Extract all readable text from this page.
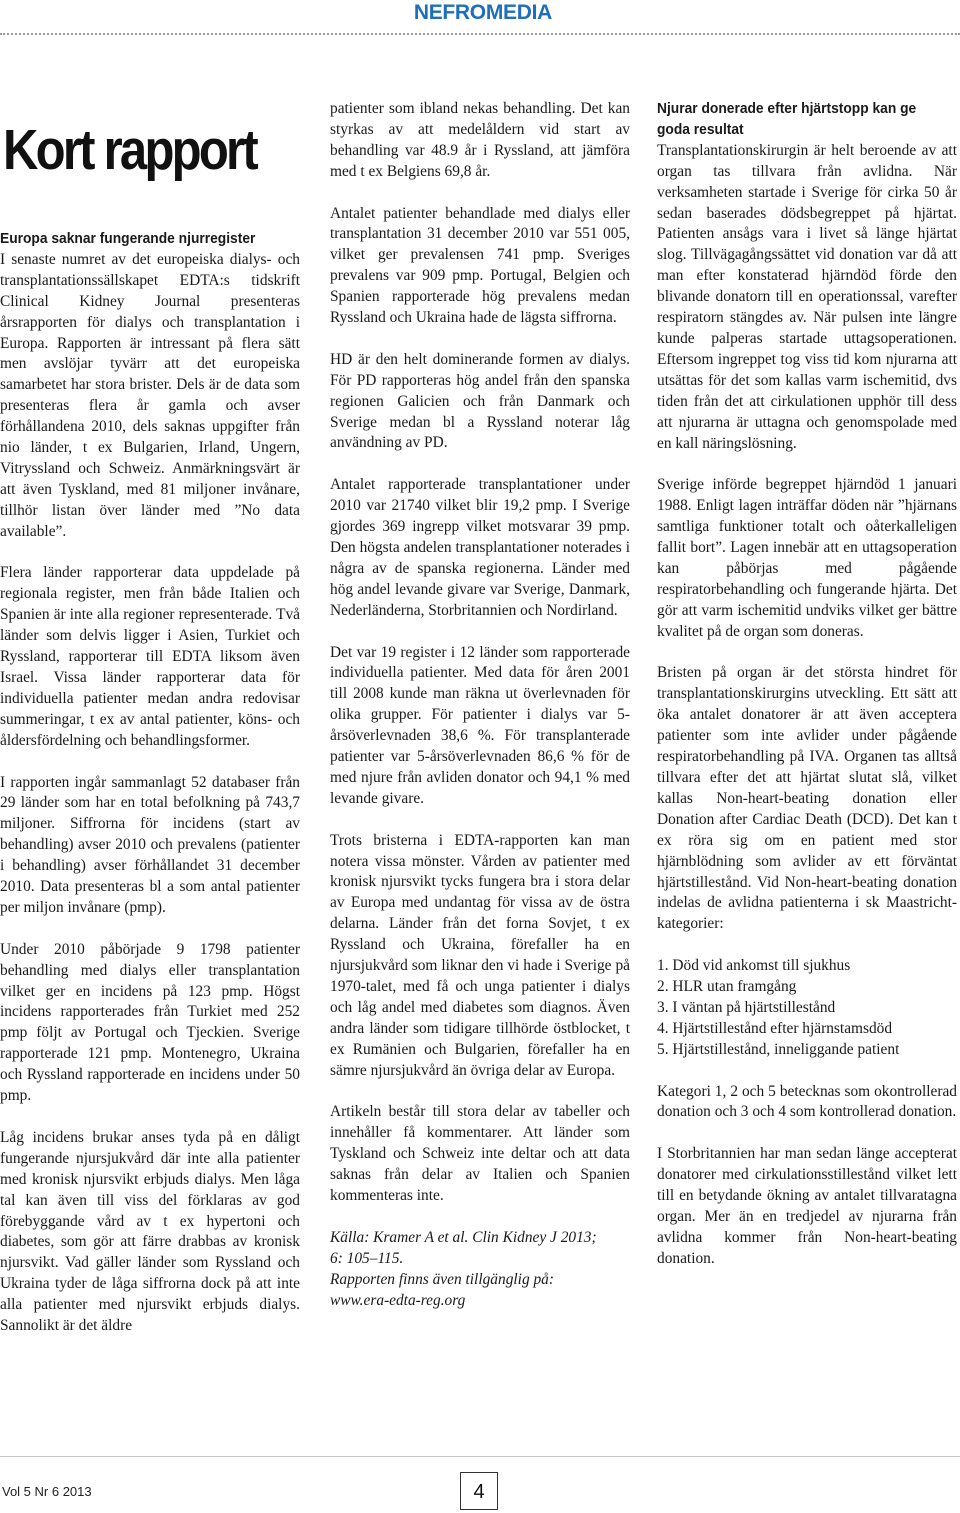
NEFROMEDIA
Kort rapport
Europa saknar fungerande njurregister

I senaste numret av det europeiska dialys- och transplantationssällskapet EDTA:s tidskrift Clinical Kidney Journal presenteras årsrapporten för dialys och transplantation i Europa. Rapporten är intressant på flera sätt men avslöjar tyvärr att det europeiska samarbetet har stora brister. Dels är de data som presenteras flera år gamla och avser förhållandena 2010, dels saknas uppgifter från nio länder, t ex Bulgarien, Irland, Ungern, Vitryssland och Schweiz. Anmärkningsvärt är att även Tyskland, med 81 miljoner invånare, tillhör listan över länder med ”No data available”.

Flera länder rapporterar data uppdelade på regionala register, men från både Italien och Spanien är inte alla regioner representerade. Två länder som delvis ligger i Asien, Turkiet och Ryssland, rapporterar till EDTA liksom även Israel. Vissa länder rapporterar data för individuella patienter medan andra redovisar summeringar, t ex av antal patienter, köns- och åldersfördelning och behandlingsformer.

I rapporten ingår sammanlagt 52 databaser från 29 länder som har en total befolkning på 743,7 miljoner. Siffrorna för incidens (start av behandling) avser 2010 och prevalens (patienter i behandling) avser förhållandet 31 december 2010. Data presenteras bl a som antal patienter per miljon invånare (pmp).

Under 2010 påbörjade 9 1798 patienter behandling med dialys eller transplantation vilket ger en incidens på 123 pmp. Högst incidens rapporterades från Turkiet med 252 pmp följt av Portugal och Tjeckien. Sverige rapporterade 121 pmp. Montenegro, Ukraina och Ryssland rapporterade en incidens under 50 pmp.

Låg incidens brukar anses tyda på en dåligt fungerande njursjukvård där inte alla patienter med kronisk njursvikt erbjuds dialys. Men låga tal kan även till viss del förklaras av god förebyggande vård av t ex hypertoni och diabetes, som gör att färre drabbas av kronisk njursvikt. Vad gäller länder som Ryssland och Ukraina tyder de låga siffrorna dock på att inte alla patienter med njursvikt erbjuds dialys. Sannolikt är det äldre

patienter som ibland nekas behandling. Det kan styrkas av att medelåldern vid start av behandling var 48.9 år i Ryssland, att jämföra med t ex Belgiens 69,8 år.

Antalet patienter behandlade med dialys eller transplantation 31 december 2010 var 551 005, vilket ger prevalensen 741 pmp. Sveriges prevalens var 909 pmp. Portugal, Belgien och Spanien rapporterade hög prevalens medan Ryssland och Ukraina hade de lägsta siffrorna.

HD är den helt dominerande formen av dialys. För PD rapporteras hög andel från den spanska regionen Galicien och från Danmark och Sverige medan bl a Ryssland noterar låg användning av PD.

Antalet rapporterade transplantationer under 2010 var 21740 vilket blir 19,2 pmp. I Sverige gjordes 369 ingrepp vilket motsvarar 39 pmp. Den högsta andelen transplantationer noterades i några av de spanska regionerna. Länder med hög andel levande givare var Sverige, Danmark, Nederländerna, Storbritannien och Nordirland.

Det var 19 register i 12 länder som rapporterade individuella patienter. Med data för åren 2001 till 2008 kunde man räkna ut överlevnaden för olika grupper. För patienter i dialys var 5-årsöverlevnaden 38,6 %. För transplanterade patienter var 5-årsöverlevnaden 86,6 % för de med njure från avliden donator och 94,1 % med levande givare.

Trots bristerna i EDTA-rapporten kan man notera vissa mönster. Vården av patienter med kronisk njursvikt tycks fungera bra i stora delar av Europa med undantag för vissa av de östra delarna. Länder från det forna Sovjet, t ex Ryssland och Ukraina, förefaller ha en njursjukvård som liknar den vi hade i Sverige på 1970-talet, med få och unga patienter i dialys och låg andel med diabetes som diagnos. Även andra länder som tidigare tillhörde östblocket, t ex Rumänien och Bulgarien, förefaller ha en sämre njursjukvård än övriga delar av Europa.

Artikeln består till stora delar av tabeller och innehåller få kommentarer. Att länder som Tyskland och Schweiz inte deltar och att data saknas från delar av Italien och Spanien kommenteras inte.

Källa: Kramer A et al. Clin Kidney J 2013;
6: 105–115.
Rapporten finns även tillgänglig på:
www.era-edta-reg.org

Njurar donerade efter hjärtstopp kan ge goda resultat

Transplantationskirurgin är helt beroende av att organ tas tillvara från avlidna. När verksamheten startade i Sverige för cirka 50 år sedan baserades dödsbegreppet på hjärtat. Patienten ansågs vara i livet så länge hjärtat slog. Tillvägagångssättet vid donation var då att man efter konstaterad hjärndöd förde den blivande donatorn till en operationssal, varefter respiratorn stängdes av. När pulsen inte längre kunde palperas startade uttagsoperationen. Eftersom ingreppet tog viss tid kom njurarna att utsättas för det som kallas varm ischemitid, dvs tiden från det att cirkulationen upphör till dess att njurarna är uttagna och genomspolade med en kall näringslösning.

Sverige införde begreppet hjärndöd 1 januari 1988. Enligt lagen inträffar döden när ”hjärnans samtliga funktioner totalt och oåterkalleligen fallit bort”. Lagen innebär att en uttagsoperation kan påbörjas med pågående respiratorbehandling och fungerande hjärta. Det gör att varm ischemitid undviks vilket ger bättre kvalitet på de organ som doneras.

Bristen på organ är det största hindret för transplantationskirurgins utveckling. Ett sätt att öka antalet donatorer är att även acceptera patienter som inte avlider under pågående respiratorbehandling på IVA. Organen tas alltså tillvara efter det att hjärtat slutat slå, vilket kallas Non-heart-beating donation eller Donation after Cardiac Death (DCD). Det kan t ex röra sig om en patient med stor hjärnblödning som avlider av ett förväntat hjärtstillestånd. Vid Non-heart-beating donation indelas de avlidna patienterna i sk Maastricht-kategorier:

1. Död vid ankomst till sjukhus
2. HLR utan framgång
3. I väntan på hjärtstillestånd
4. Hjärtstillestånd efter hjärnstamsdöd
5. Hjärtstillestånd, inneliggande patient

Kategori 1, 2 och 5 betecknas som okontrollerad donation och 3 och 4 som kontrollerad donation.

I Storbritannien har man sedan länge accepterat donatorer med cirkulationsstillestånd vilket lett till en betydande ökning av antalet tillvaratagna organ. Mer än en tredjedel av njurarna från avlidna kommer från Non-heart-beating donation.

Vol 5 Nr 6 2013	4
